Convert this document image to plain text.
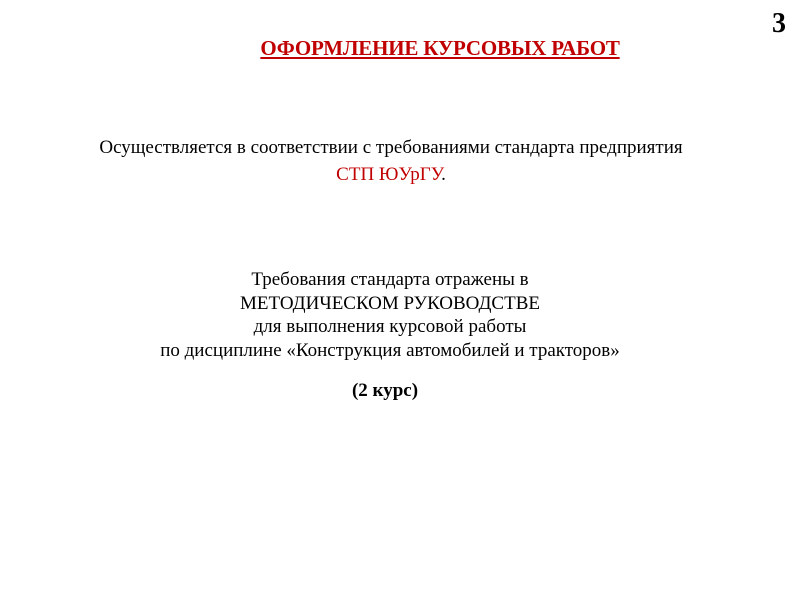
3
ОФОРМЛЕНИЕ КУРСОВЫХ РАБОТ
Осуществляется в соответствии с требованиями стандарта предприятия
СТП ЮУрГУ.
Требования стандарта отражены в
МЕТОДИЧЕСКОМ РУКОВОДСТВЕ
для выполнения курсовой работы
по дисциплине «Конструкция автомобилей и тракторов»
(2 курс)
